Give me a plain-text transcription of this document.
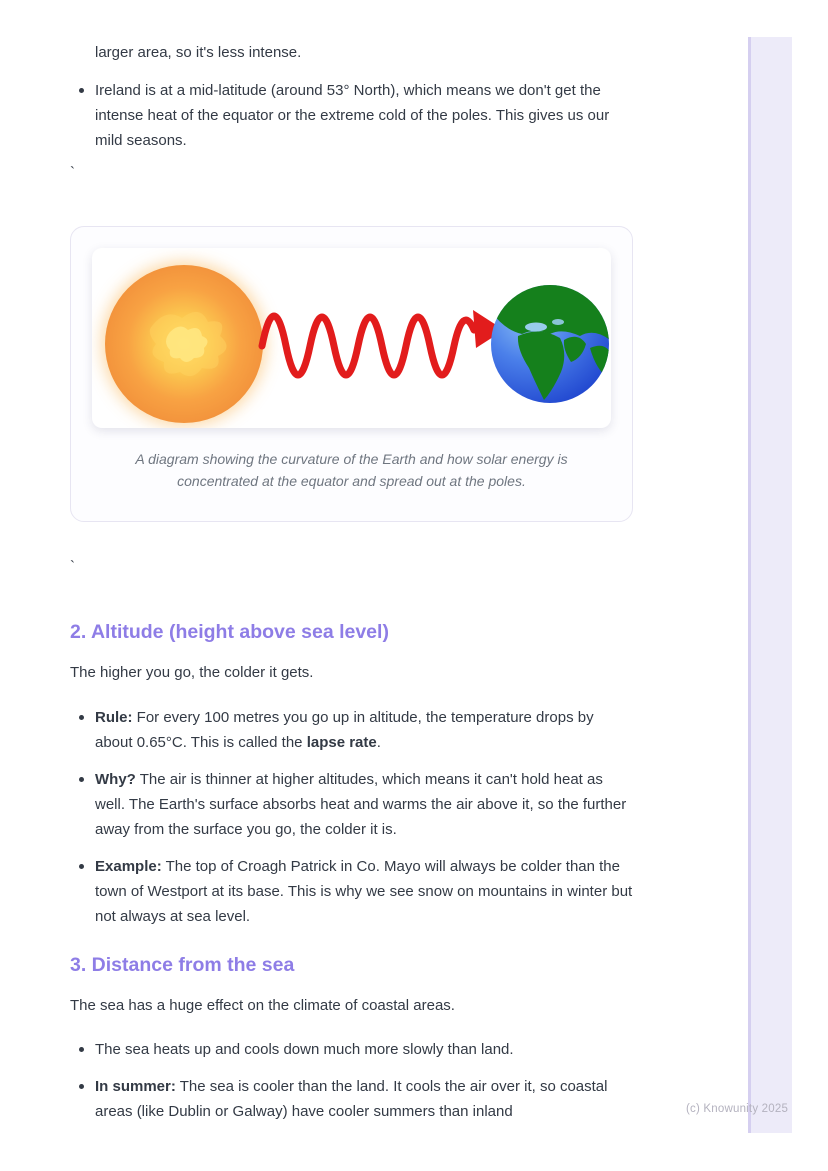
larger area, so it's less intense.

Ireland is at a mid-latitude (around 53° North), which means we don't get the intense heat of the equator or the extreme cold of the poles. This gives us our mild seasons.
`
A diagram showing the curvature of the Earth and how solar energy is
concentrated at the equator and spread out at the poles.
`
2. Altitude (height above sea level)

The higher you go, the colder it gets.

Rule: For every 100 metres you go up in altitude, the temperature drops by about 0.65°C. This is called the lapse rate.
Why? The air is thinner at higher altitudes, which means it can't hold heat as well. The Earth's surface absorbs heat and warms the air above it, so the further away from the surface you go, the colder it is.
Example: The top of Croagh Patrick in Co. Mayo will always be colder than the town of Westport at its base. This is why we see snow on mountains in winter but not always at sea level.
3. Distance from the sea

The sea has a huge effect on the climate of coastal areas.

The sea heats up and cools down much more slowly than land.
In summer: The sea is cooler than the land. It cools the air over it, so coastal areas (like Dublin or Galway) have cooler summers than inland	(c) Knowunity 2025
